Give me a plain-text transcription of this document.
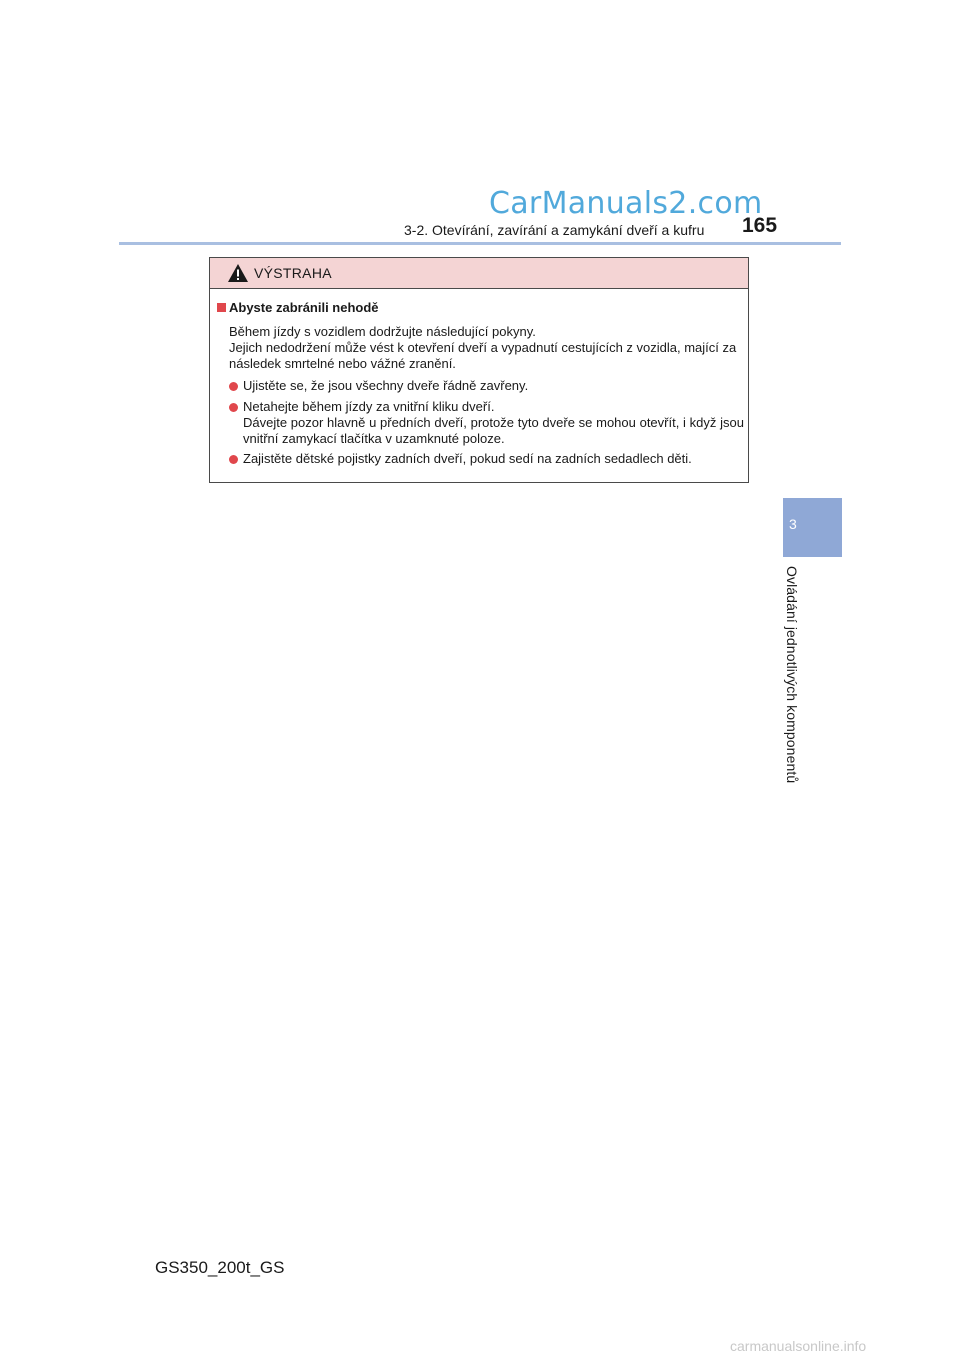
CarManuals2.com
3-2. Otevírání, zavírání a zamykání dveří a kufru 165
3
Ovládání jednotlivých komponentů
VÝSTRAHA
Abyste zabránili nehodě
Během jízdy s vozidlem dodržujte následující pokyny.
Jejich nedodržení může vést k otevření dveří a vypadnutí cestujících z vozidla, mající za následek smrtelné nebo vážné zranění.
Ujistěte se, že jsou všechny dveře řádně zavřeny.
Netahejte během jízdy za vnitřní kliku dveří.
Dávejte pozor hlavně u předních dveří, protože tyto dveře se mohou otevřít, i když jsou vnitřní zamykací tlačítka v uzamknuté poloze.
Zajistěte dětské pojistky zadních dveří, pokud sedí na zadních sedadlech děti.
GS350_200t_GS
carmanualsonline.info
